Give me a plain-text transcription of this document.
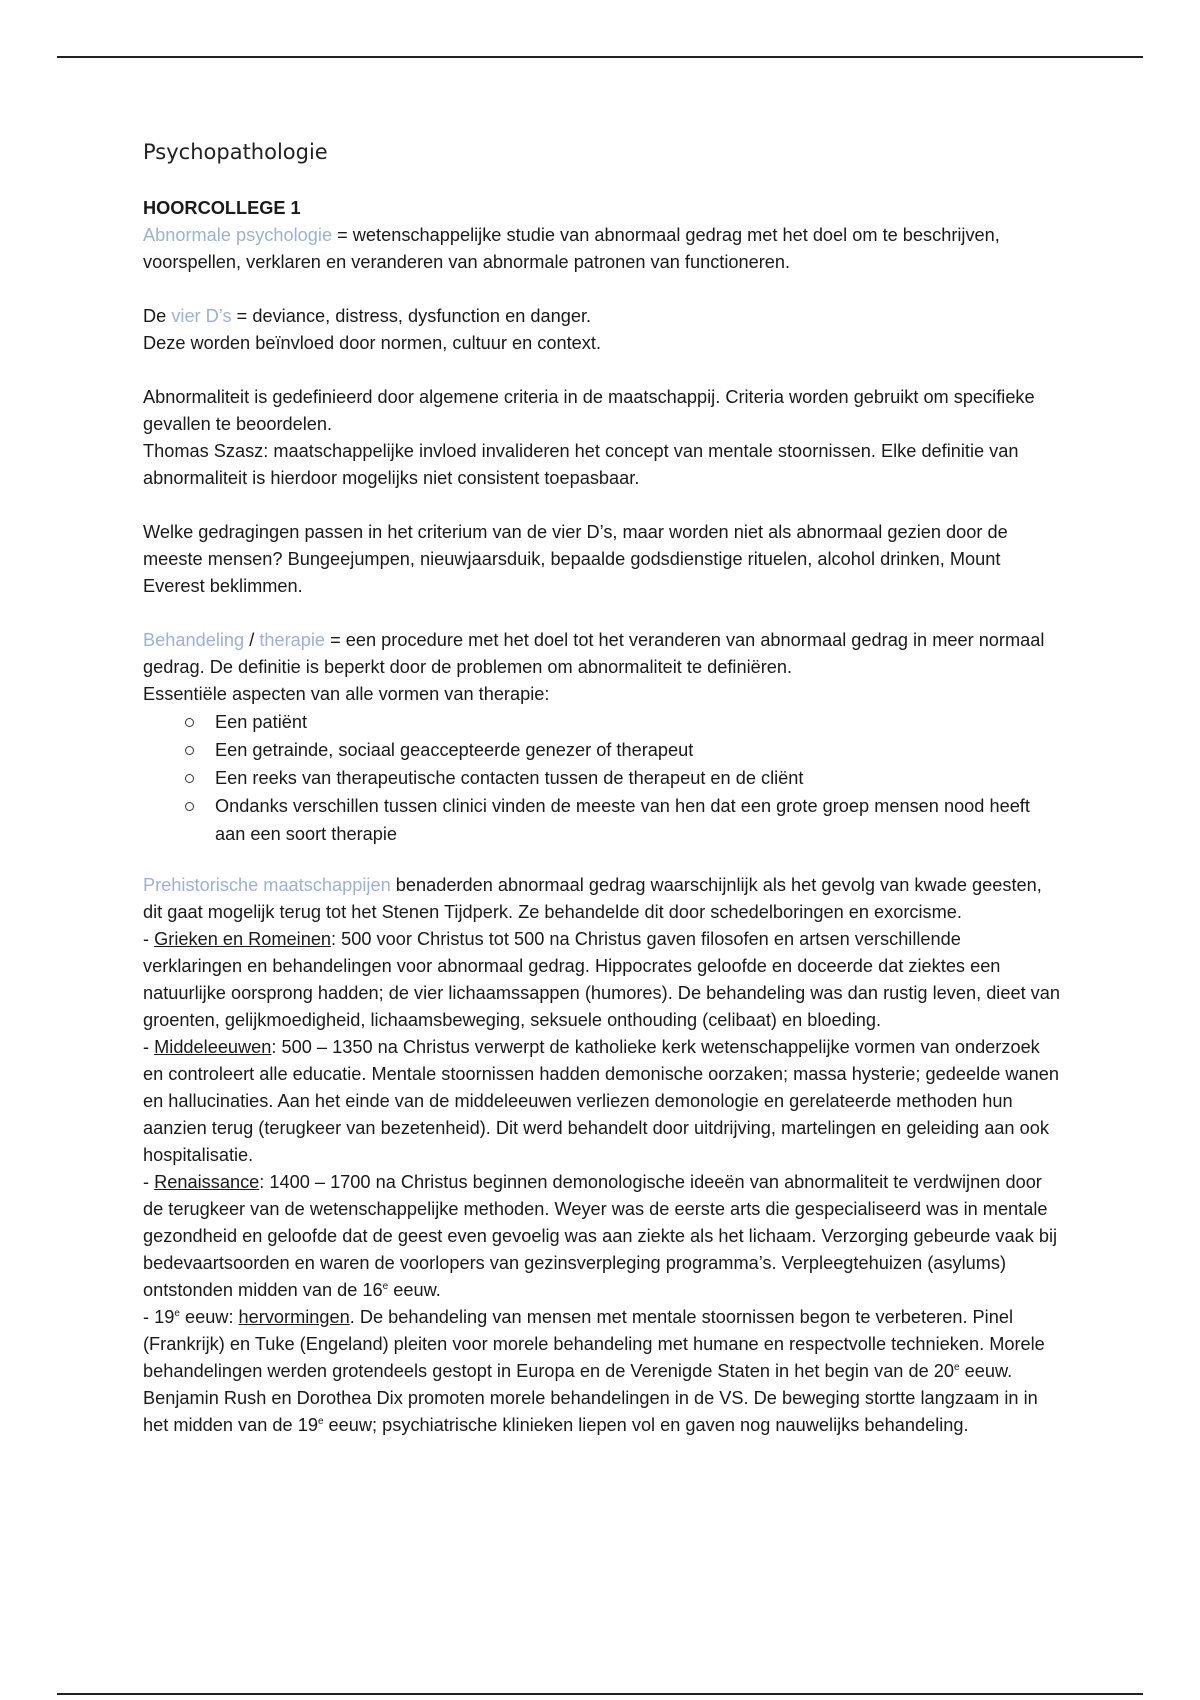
Psychopathologie

HOORCOLLEGE 1

Abnormale psychologie = wetenschappelijke studie van abnormaal gedrag met het doel om te beschrijven, voorspellen, verklaren en veranderen van abnormale patronen van functioneren.

De vier D’s = deviance, distress, dysfunction en danger.

Deze worden beïnvloed door normen, cultuur en context.

Abnormaliteit is gedefinieerd door algemene criteria in de maatschappij. Criteria worden gebruikt om specifieke gevallen te beoordelen.

Thomas Szasz: maatschappelijke invloed invalideren het concept van mentale stoornissen. Elke definitie van abnormaliteit is hierdoor mogelijks niet consistent toepasbaar.

Welke gedragingen passen in het criterium van de vier D’s, maar worden niet als abnormaal gezien door de meeste mensen? Bungeejumpen, nieuwjaarsduik, bepaalde godsdienstige rituelen, alcohol drinken, Mount Everest beklimmen.

Behandeling / therapie = een procedure met het doel tot het veranderen van abnormaal gedrag in meer normaal gedrag. De definitie is beperkt door de problemen om abnormaliteit te definiëren.

Essentiële aspecten van alle vormen van therapie:

Een patiënt
Een getrainde, sociaal geaccepteerde genezer of therapeut
Een reeks van therapeutische contacten tussen de therapeut en de cliënt
Ondanks verschillen tussen clinici vinden de meeste van hen dat een grote groep mensen nood heeft aan een soort therapie

Prehistorische maatschappijen benaderden abnormaal gedrag waarschijnlijk als het gevolg van kwade geesten, dit gaat mogelijk terug tot het Stenen Tijdperk. Ze behandelde dit door schedelboringen en exorcisme.

- Grieken en Romeinen: 500 voor Christus tot 500 na Christus gaven filosofen en artsen verschillende verklaringen en behandelingen voor abnormaal gedrag. Hippocrates geloofde en doceerde dat ziektes een natuurlijke oorsprong hadden; de vier lichaamssappen (humores). De behandeling was dan rustig leven, dieet van groenten, gelijkmoedigheid, lichaamsbeweging, seksuele onthouding (celibaat) en bloeding.

- Middeleeuwen: 500 – 1350 na Christus verwerpt de katholieke kerk wetenschappelijke vormen van onderzoek en controleert alle educatie. Mentale stoornissen hadden demonische oorzaken; massa hysterie; gedeelde wanen en hallucinaties. Aan het einde van de middeleeuwen verliezen demonologie en gerelateerde methoden hun aanzien terug (terugkeer van bezetenheid). Dit werd behandelt door uitdrijving, martelingen en geleiding aan ook hospitalisatie.

- Renaissance: 1400 – 1700 na Christus beginnen demonologische ideeën van abnormaliteit te verdwijnen door de terugkeer van de wetenschappelijke methoden. Weyer was de eerste arts die gespecialiseerd was in mentale gezondheid en geloofde dat de geest even gevoelig was aan ziekte als het lichaam. Verzorging gebeurde vaak bij bedevaartsoorden en waren de voorlopers van gezinsverpleging programma’s. Verpleegtehuizen (asylums) ontstonden midden van de 16e eeuw.

- 19e eeuw: hervormingen. De behandeling van mensen met mentale stoornissen begon te verbeteren. Pinel (Frankrijk) en Tuke (Engeland) pleiten voor morele behandeling met humane en respectvolle technieken. Morele behandelingen werden grotendeels gestopt in Europa en de Verenigde Staten in het begin van de 20e eeuw. Benjamin Rush en Dorothea Dix promoten morele behandelingen in de VS. De beweging stortte langzaam in in het midden van de 19e eeuw; psychiatrische klinieken liepen vol en gaven nog nauwelijks behandeling.
